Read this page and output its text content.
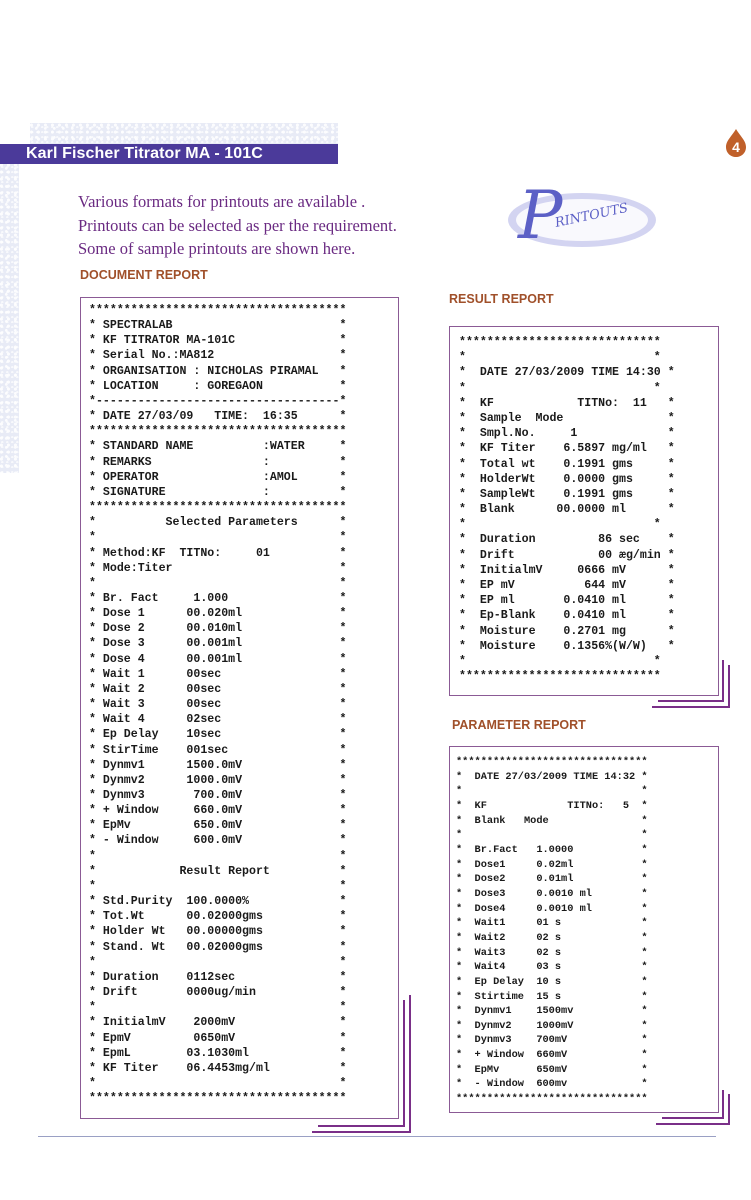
Karl Fischer Titrator MA - 101C	4
Various formats for printouts are available .
Printouts can be selected as per the requirement.
Some of sample printouts are shown here.	P
RINTOUTS
DOCUMENT REPORT
RESULT REPORT
PARAMETER REPORT
*************************************
* SPECTRALAB                        *
* KF TITRATOR MA-101C               *
* Serial No.:MA812                  *
* ORGANISATION : NICHOLAS PIRAMAL   *
* LOCATION     : GOREGAON           *
*-----------------------------------*
* DATE 27/03/09   TIME:  16:35      *
*************************************
* STANDARD NAME          :WATER     *
* REMARKS                :          *
* OPERATOR               :AMOL      *
* SIGNATURE              :          *
*************************************
*          Selected Parameters      *
*                                   *
* Method:KF  TITNo:     01          *
* Mode:Titer                        *
*                                   *
* Br. Fact     1.000                *
* Dose 1      00.020ml              *
* Dose 2      00.010ml              *
* Dose 3      00.001ml              *
* Dose 4      00.001ml              *
* Wait 1      00sec                 *
* Wait 2      00sec                 *
* Wait 3      00sec                 *
* Wait 4      02sec                 *
* Ep Delay    10sec                 *
* StirTime    001sec                *
* Dynmv1      1500.0mV              *
* Dynmv2      1000.0mV              *
* Dynmv3       700.0mV              *
* + Window     660.0mV              *
* EpMv         650.0mV              *
* - Window     600.0mV              *
*                                   *
*            Result Report          *
*                                   *
* Std.Purity  100.0000%             *
* Tot.Wt      00.02000gms           *
* Holder Wt   00.00000gms           *
* Stand. Wt   00.02000gms           *
*                                   *
* Duration    0112sec               *
* Drift       0000ug/min            *
*                                   *
* InitialmV    2000mV               *
* EpmV         0650mV               *
* EpmL        03.1030ml             *
* KF Titer    06.4453mg/ml          *
*                                   *
*************************************
*****************************
*                           *
*  DATE 27/03/2009 TIME 14:30 *
*                           *
*  KF            TITNo:  11   *
*  Sample  Mode               *
*  Smpl.No.     1             *
*  KF Titer    6.5897 mg/ml   *
*  Total wt    0.1991 gms     *
*  HolderWt    0.0000 gms     *
*  SampleWt    0.1991 gms     *
*  Blank      00.0000 ml      *
*                           *
*  Duration         86 sec    *
*  Drift            00 æg/min *
*  InitialmV     0666 mV      *
*  EP mV          644 mV      *
*  EP ml       0.0410 ml      *
*  Ep-Blank    0.0410 ml      *
*  Moisture    0.2701 mg      *
*  Moisture    0.1356%(W/W)   *
*                           *
*****************************
*******************************
*  DATE 27/03/2009 TIME 14:32 *
*                             *
*  KF             TITNo:   5  *
*  Blank   Mode               *
*                             *
*  Br.Fact   1.0000           *
*  Dose1     0.02ml           *
*  Dose2     0.01ml           *
*  Dose3     0.0010 ml        *
*  Dose4     0.0010 ml        *
*  Wait1     01 s             *
*  Wait2     02 s             *
*  Wait3     02 s             *
*  Wait4     03 s             *
*  Ep Delay  10 s             *
*  Stirtime  15 s             *
*  Dynmv1    1500mv           *
*  Dynmv2    1000mV           *
*  Dynmv3    700mV            *
*  + Window  660mV            *
*  EpMv      650mV            *
*  - Window  600mv            *
*******************************
